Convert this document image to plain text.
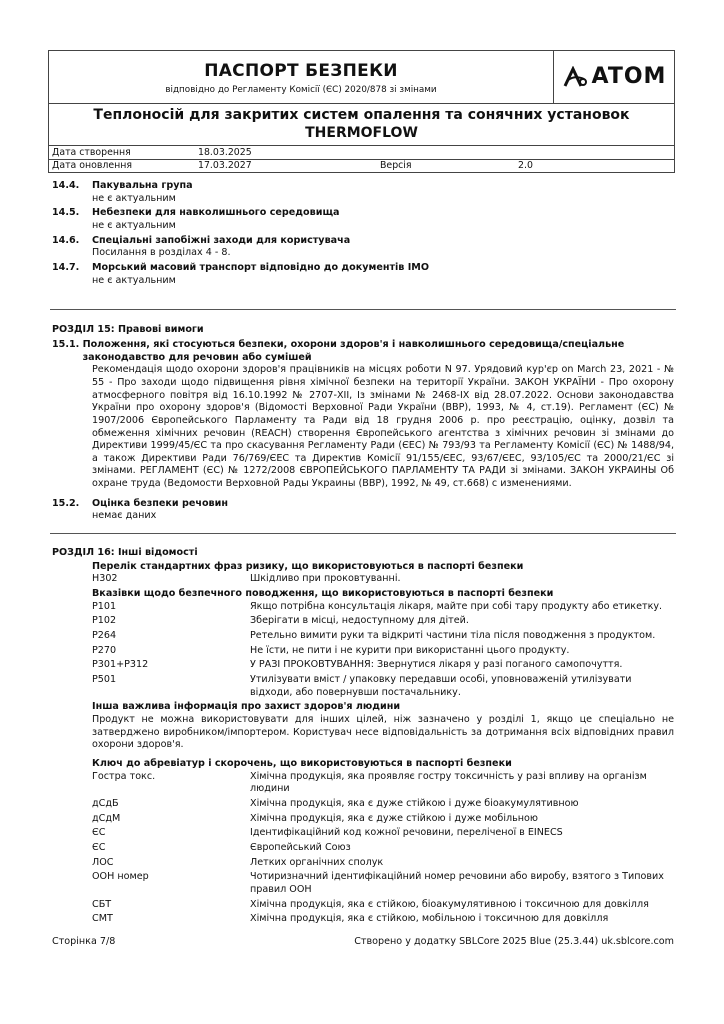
ПАСПОРТ БЕЗПЕКИ
відповідно до Регламенту Комісії (ЄС) 2020/878 зі змінами
ATOM
Теплоносій для закритих систем опалення та сонячних установок THERMOFLOW
Дата створення	18.03.2025
Дата оновлення	17.03.2027	Версія	2.0
14.4.	Пакувальна група
не є актуальним
14.5.	Небезпеки для навколишнього середовища
не є актуальним
14.6.	Спеціальні запобіжні заходи для користувача
Посилання в розділах 4 - 8.
14.7.	Морський масовий транспорт відповідно до документів IMO
не є актуальним
РОЗДІЛ 15: Правові вимоги
15.1. Положення, які стосуються безпеки, охорони здоров'я і навколишнього середовища/спеціальне законодавство для речовин або сумішей
Рекомендація щодо охорони здоров'я працівників на місцях роботи N 97. Урядовий кур'єр on March 23, 2021 - № 55 - Про заходи щодо підвищення рівня хімічної безпеки на території України. ЗАКОН УКРАЇНИ - Про охорону атмосферного повітря від 16.10.1992 № 2707-XII, Із змінами № 2468-IX від 28.07.2022. Основи законодавства України про охорону здоров'я (Відомості Верховної Ради України (ВВР), 1993, № 4, ст.19). Регламент (ЄС) № 1907/2006 Європейського Парламенту та Ради від 18 грудня 2006 р. про реєстрацію, оцінку, дозвіл та обмеження хімічних речовин (REACH) створення Європейського агентства з хімічних речовин зі змінами до Директиви 1999/45/ЄС та про скасування Регламенту Ради (ЄЕС) № 793/93 та Регламенту Комісії (ЄС) № 1488/94, а також Директиви Ради 76/769/ЄЕС та Директив Комісії 91/155/ЄЕС, 93/67/ЄЕС, 93/105/ЄС та 2000/21/ЄС зі змінами. РЕГЛАМЕНТ (ЄС) № 1272/2008 ЄВРОПЕЙСЬКОГО ПАРЛАМЕНТУ ТА РАДИ зі змінами. ЗАКОН УКРАИНЫ Об охране труда (Ведомости Верховной Рады Украины (ВВР), 1992, № 49, ст.668) с изменениями.
15.2.	Оцінка безпеки речовин
немає даних
РОЗДІЛ 16: Інші відомості
Перелік стандартних фраз ризику, що використовуються в паспорті безпеки
H302	Шкідливо при проковтуванні.
Вказівки щодо безпечного поводження, що використовуються в паспорті безпеки
P101	Якщо потрібна консультація лікаря, майте при собі тару продукту або етикетку.
P102	Зберігати в місці, недоступному для дітей.
P264	Ретельно вимити руки та відкриті частини тіла після поводження з продуктом.
P270	Не їсти, не пити і не курити при використанні цього продукту.
P301+P312	У РАЗІ ПРОКОВТУВАННЯ: Звернутися лікаря у разі поганого самопочуття.
P501	Утилізувати вміст / упаковку передавши особі, уповноваженій утилізувати відходи, або повернувши постачальнику.
Інша важлива інформація про захист здоров'я людини
Продукт не можна використовувати для інших цілей, ніж зазначено у розділі 1, якщо це спеціально не затверджено виробником/імпортером. Користувач несе відповідальність за дотримання всіх відповідних правил охорони здоров'я.
Ключ до абревіатур і скорочень, що використовуються в паспорті безпеки
Гостра токс.	Хімічна продукція, яка проявляє гостру токсичність у разі впливу на організм людини
дСдБ	Хімічна продукція, яка є дуже стійкою і дуже біоакумулятивною
дСдМ	Хімічна продукція, яка є дуже стійкою і дуже мобільною
ЄС	Ідентифікаційний код кожної речовини, переліченої в EINECS
ЄС	Європейський Союз
ЛОС	Летких органічних сполук
ООН номер	Чотиризначний ідентифікаційний номер речовини або виробу, взятого з Типових правил ООН
СБТ	Хімічна продукція, яка є стійкою, біоакумулятивною і токсичною для довкілля
СМТ	Хімічна продукція, яка є стійкою, мобільною і токсичною для довкілля
Сторінка 7/8	Створено у додатку SBLCore 2025 Blue (25.3.44) uk.sblcore.com
